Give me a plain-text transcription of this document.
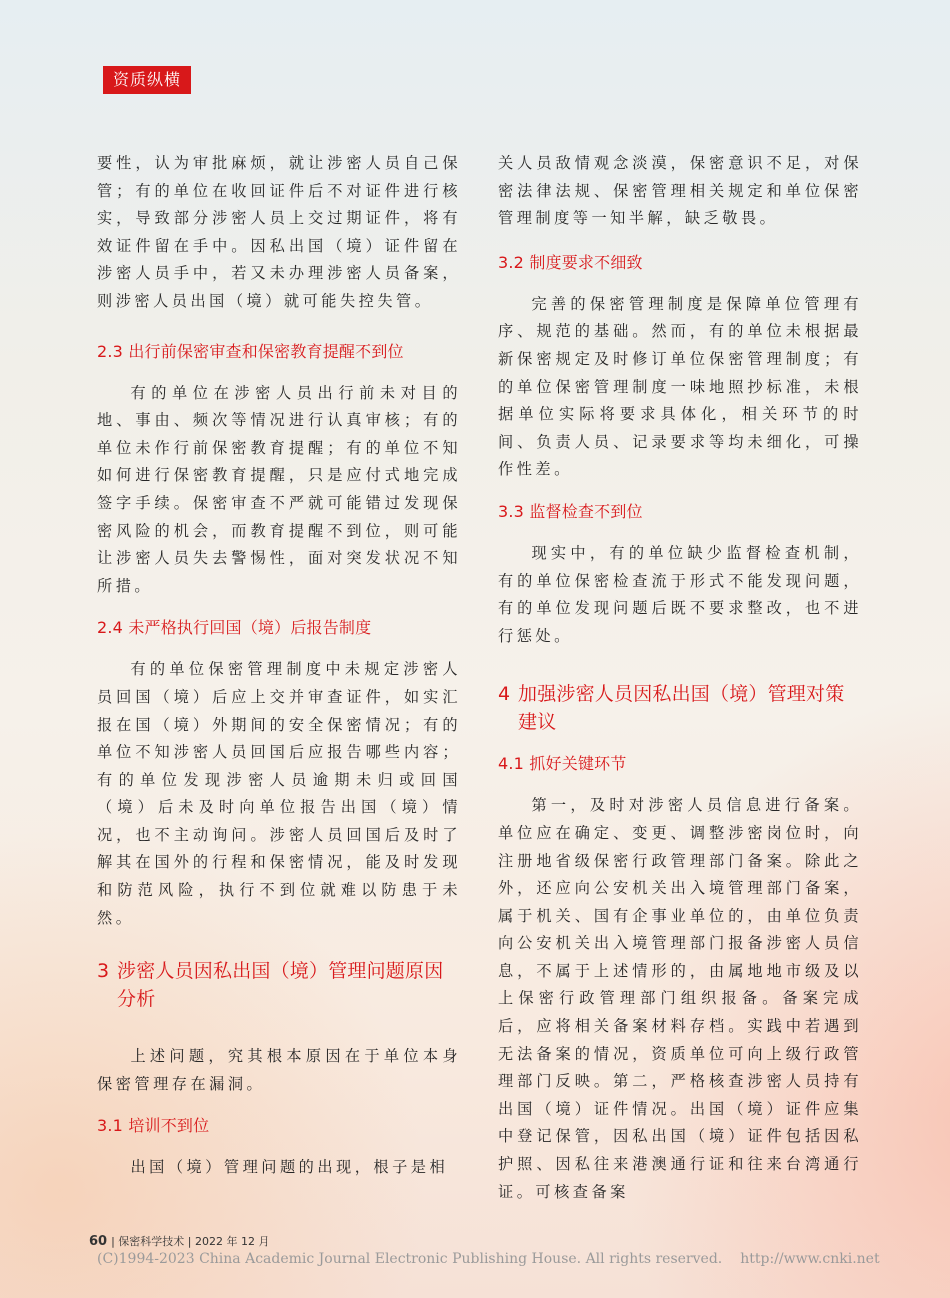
资质纵横

要性，认为审批麻烦，就让涉密人员自己保管；有的单位在收回证件后不对证件进行核实，导致部分涉密人员上交过期证件，将有效证件留在手中。因私出国（境）证件留在涉密人员手中，若又未办理涉密人员备案，则涉密人员出国（境）就可能失控失管。

2.3 出行前保密审查和保密教育提醒不到位

有的单位在涉密人员出行前未对目的地、事由、频次等情况进行认真审核；有的单位未作行前保密教育提醒；有的单位不知如何进行保密教育提醒，只是应付式地完成签字手续。保密审查不严就可能错过发现保密风险的机会，而教育提醒不到位，则可能让涉密人员失去警惕性，面对突发状况不知所措。

2.4 未严格执行回国（境）后报告制度

有的单位保密管理制度中未规定涉密人员回国（境）后应上交并审查证件，如实汇报在国（境）外期间的安全保密情况；有的单位不知涉密人员回国后应报告哪些内容；有的单位发现涉密人员逾期未归或回国（境）后未及时向单位报告出国（境）情况，也不主动询问。涉密人员回国后及时了解其在国外的行程和保密情况，能及时发现和防范风险，执行不到位就难以防患于未然。

3 涉密人员因私出国（境）管理问题原因
分析

上述问题，究其根本原因在于单位本身保密管理存在漏洞。

3.1 培训不到位

出国（境）管理问题的出现，根子是相

关人员敌情观念淡漠，保密意识不足，对保密法律法规、保密管理相关规定和单位保密管理制度等一知半解，缺乏敬畏。

3.2 制度要求不细致

完善的保密管理制度是保障单位管理有序、规范的基础。然而，有的单位未根据最新保密规定及时修订单位保密管理制度；有的单位保密管理制度一味地照抄标准，未根据单位实际将要求具体化，相关环节的时间、负责人员、记录要求等均未细化，可操作性差。

3.3 监督检查不到位

现实中，有的单位缺少监督检查机制，有的单位保密检查流于形式不能发现问题，有的单位发现问题后既不要求整改，也不进行惩处。

4 加强涉密人员因私出国（境）管理对策
建议

4.1 抓好关键环节

第一，及时对涉密人员信息进行备案。单位应在确定、变更、调整涉密岗位时，向注册地省级保密行政管理部门备案。除此之外，还应向公安机关出入境管理部门备案，属于机关、国有企事业单位的，由单位负责向公安机关出入境管理部门报备涉密人员信息，不属于上述情形的，由属地地市级及以上保密行政管理部门组织报备。备案完成后，应将相关备案材料存档。实践中若遇到无法备案的情况，资质单位可向上级行政管理部门反映。第二，严格核查涉密人员持有出国（境）证件情况。出国（境）证件应集中登记保管，因私出国（境）证件包括因私护照、因私往来港澳通行证和往来台湾通行证。可核查备案

60 | 保密科学技术 | 2022 年 12 月
(C)1994-2023 China Academic Journal Electronic Publishing House. All rights reserved. http://www.cnki.net
